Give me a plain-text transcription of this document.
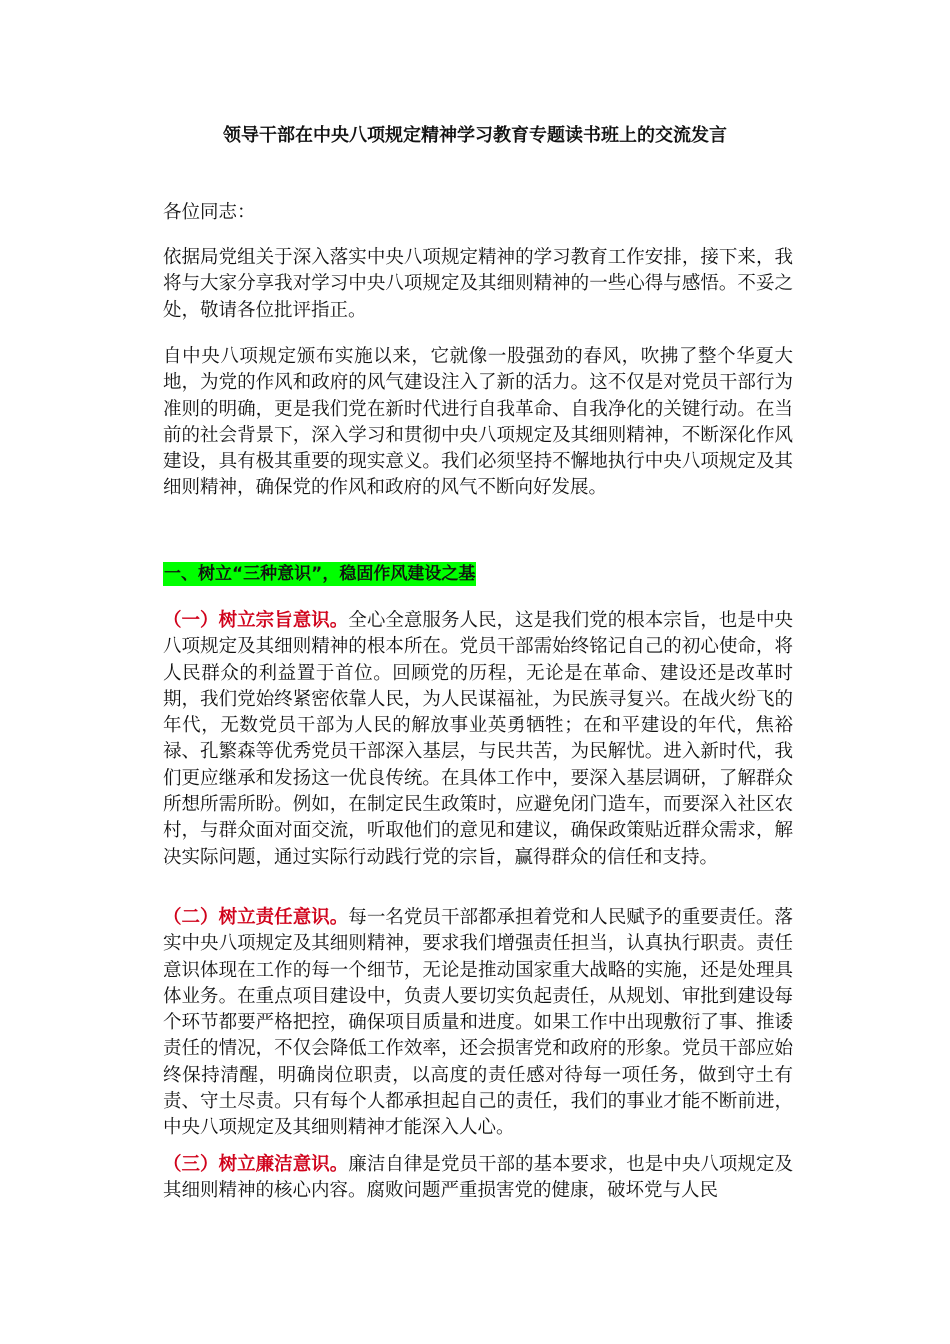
领导干部在中央八项规定精神学习教育专题读书班上的交流发言

各位同志：

依据局党组关于深入落实中央八项规定精神的学习教育工作安排，接下来，我将与大家分享我对学习中央八项规定及其细则精神的一些心得与感悟。不妥之处，敬请各位批评指正。

自中央八项规定颁布实施以来，它就像一股强劲的春风，吹拂了整个华夏大地，为党的作风和政府的风气建设注入了新的活力。这不仅是对党员干部行为准则的明确，更是我们党在新时代进行自我革命、自我净化的关键行动。在当前的社会背景下，深入学习和贯彻中央八项规定及其细则精神，不断深化作风建设，具有极其重要的现实意义。我们必须坚持不懈地执行中央八项规定及其细则精神，确保党的作风和政府的风气不断向好发展。

一、树立“三种意识”，稳固作风建设之基

（一）树立宗旨意识。全心全意服务人民，这是我们党的根本宗旨，也是中央八项规定及其细则精神的根本所在。党员干部需始终铭记自己的初心使命，将人民群众的利益置于首位。回顾党的历程，无论是在革命、建设还是改革时期，我们党始终紧密依靠人民，为人民谋福祉，为民族寻复兴。在战火纷飞的年代，无数党员干部为人民的解放事业英勇牺牲；在和平建设的年代，焦裕禄、孔繁森等优秀党员干部深入基层，与民共苦，为民解忧。进入新时代，我们更应继承和发扬这一优良传统。在具体工作中，要深入基层调研，了解群众所想所需所盼。例如，在制定民生政策时，应避免闭门造车，而要深入社区农村，与群众面对面交流，听取他们的意见和建议，确保政策贴近群众需求，解决实际问题，通过实际行动践行党的宗旨，赢得群众的信任和支持。

（二）树立责任意识。每一名党员干部都承担着党和人民赋予的重要责任。落实中央八项规定及其细则精神，要求我们增强责任担当，认真执行职责。责任意识体现在工作的每一个细节，无论是推动国家重大战略的实施，还是处理具体业务。在重点项目建设中，负责人要切实负起责任，从规划、审批到建设每个环节都要严格把控，确保项目质量和进度。如果工作中出现敷衍了事、推诿责任的情况，不仅会降低工作效率，还会损害党和政府的形象。党员干部应始终保持清醒，明确岗位职责，以高度的责任感对待每一项任务，做到守土有责、守土尽责。只有每个人都承担起自己的责任，我们的事业才能不断前进，中央八项规定及其细则精神才能深入人心。

（三）树立廉洁意识。廉洁自律是党员干部的基本要求，也是中央八项规定及其细则精神的核心内容。腐败问题严重损害党的健康，破坏党与人民
